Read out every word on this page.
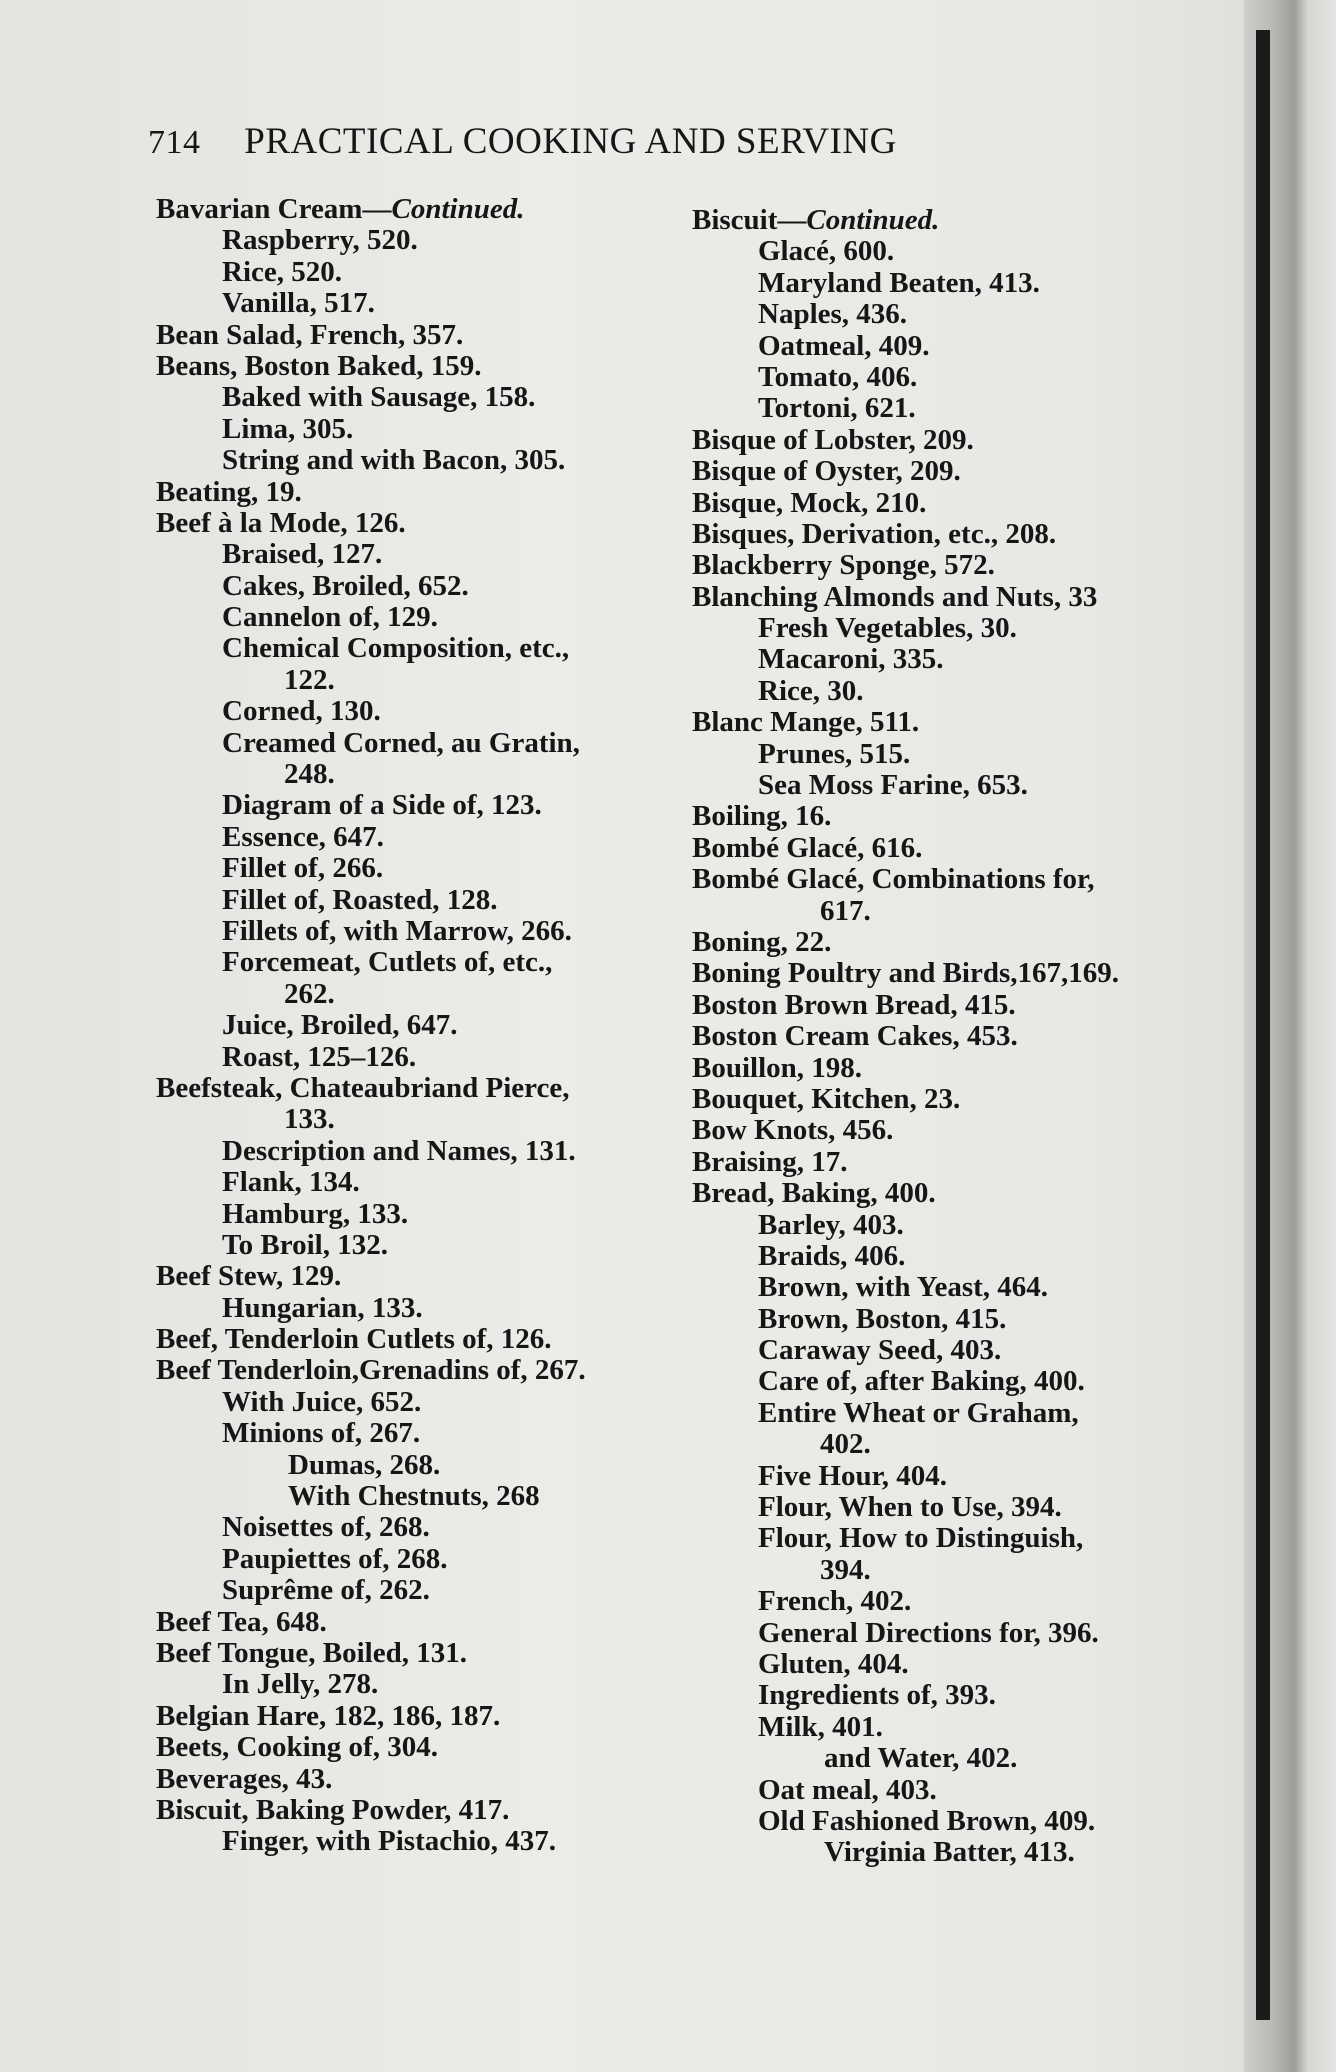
714 PRACTICAL COOKING AND SERVING
Bavarian Cream—Continued.
Raspberry, 520.
Rice, 520.
Vanilla, 517.
Bean Salad, French, 357.
Beans, Boston Baked, 159.
Baked with Sausage, 158.
Lima, 305.
String and with Bacon, 305.
Beating, 19.
Beef à la Mode, 126.
Braised, 127.
Cakes, Broiled, 652.
Cannelon of, 129.
Chemical Composition, etc.,
122.
Corned, 130.
Creamed Corned, au Gratin,
248.
Diagram of a Side of, 123.
Essence, 647.
Fillet of, 266.
Fillet of, Roasted, 128.
Fillets of, with Marrow, 266.
Forcemeat, Cutlets of, etc.,
262.
Juice, Broiled, 647.
Roast, 125–126.
Beefsteak, Chateaubriand Pierce,
133.
Description and Names, 131.
Flank, 134.
Hamburg, 133.
To Broil, 132.
Beef Stew, 129.
Hungarian, 133.
Beef, Tenderloin Cutlets of, 126.
Beef Tenderloin,Grenadins of, 267.
With Juice, 652.
Minions of, 267.
Dumas, 268.
With Chestnuts, 268
Noisettes of, 268.
Paupiettes of, 268.
Suprême of, 262.
Beef Tea, 648.
Beef Tongue, Boiled, 131.
In Jelly, 278.
Belgian Hare, 182, 186, 187.
Beets, Cooking of, 304.
Beverages, 43.
Biscuit, Baking Powder, 417.
Finger, with Pistachio, 437.
Biscuit—Continued.
Glacé, 600.
Maryland Beaten, 413.
Naples, 436.
Oatmeal, 409.
Tomato, 406.
Tortoni, 621.
Bisque of Lobster, 209.
Bisque of Oyster, 209.
Bisque, Mock, 210.
Bisques, Derivation, etc., 208.
Blackberry Sponge, 572.
Blanching Almonds and Nuts, 33
Fresh Vegetables, 30.
Macaroni, 335.
Rice, 30.
Blanc Mange, 511.
Prunes, 515.
Sea Moss Farine, 653.
Boiling, 16.
Bombé Glacé, 616.
Bombé Glacé, Combinations for,
617.
Boning, 22.
Boning Poultry and Birds,167,169.
Boston Brown Bread, 415.
Boston Cream Cakes, 453.
Bouillon, 198.
Bouquet, Kitchen, 23.
Bow Knots, 456.
Braising, 17.
Bread, Baking, 400.
Barley, 403.
Braids, 406.
Brown, with Yeast, 464.
Brown, Boston, 415.
Caraway Seed, 403.
Care of, after Baking, 400.
Entire Wheat or Graham,
402.
Five Hour, 404.
Flour, When to Use, 394.
Flour, How to Distinguish,
394.
French, 402.
General Directions for, 396.
Gluten, 404.
Ingredients of, 393.
Milk, 401.
and Water, 402.
Oat meal, 403.
Old Fashioned Brown, 409.
Virginia Batter, 413.
